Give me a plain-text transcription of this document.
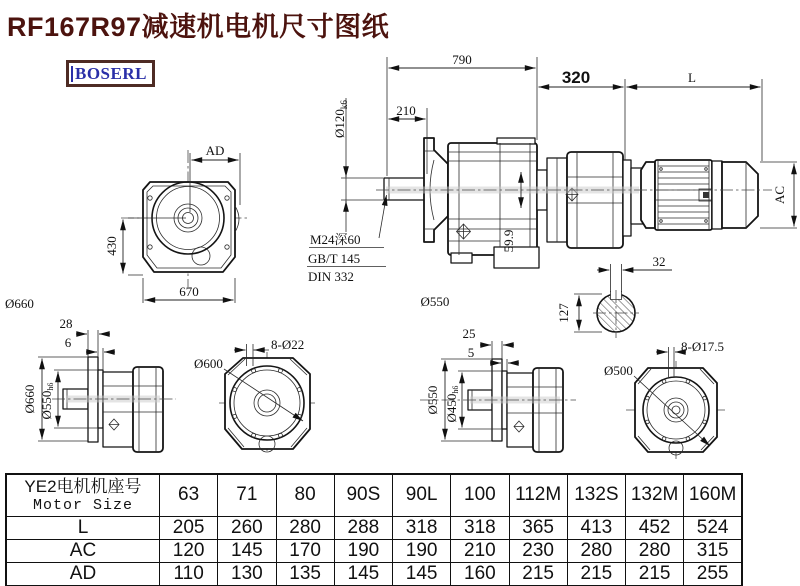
RF167R97减速机电机尺寸图纸
BOSERL
AD
430
670
790
320	L
210
$Ø120_{k6}$
M24深60
GB/T 145
DIN 332
59.9
AC
Ø550
32
127
Ø660
28
6
Ø660 Ø550h6
Ø600
8-Ø22
25
5
Ø550 Ø450h6
Ø500
8-Ø17.5
YE2电机机座号
Motor Size	63	71	80	90S	90L	100	112M	132S	132M	160M
L	205	260	280	288	318	318	365	413	452	524
AC	120	145	170	190	190	210	230	280	280	315
AD	110	130	135	145	145	160	215	215	215	255
